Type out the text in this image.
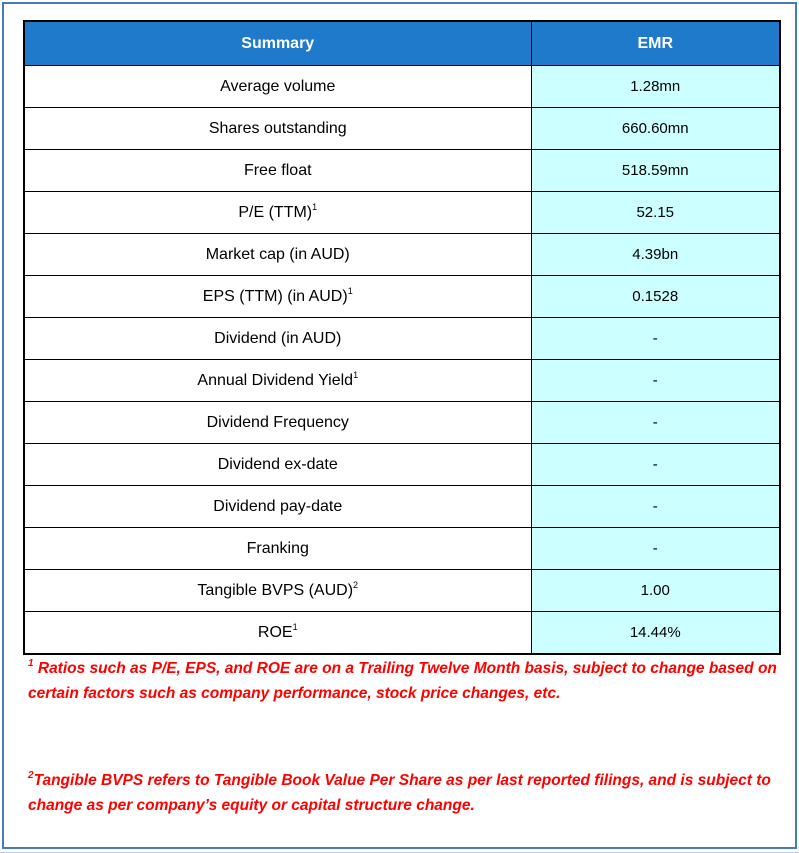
Summary	EMR
Average volume	1.28mn
Shares outstanding	660.60mn
Free float	518.59mn
P/E (TTM)$^1$	52.15
Market cap (in AUD)	4.39bn
EPS (TTM) (in AUD)$^1$	0.1528
Dividend (in AUD)	-
Annual Dividend Yield$^1$	-
Dividend Frequency	-
Dividend ex-date	-
Dividend pay-date	-
Franking	-
Tangible BVPS (AUD)$^2$	1.00
ROE$^1$	14.44%
$^1$ Ratios such as P/E, EPS, and ROE are on a Trailing Twelve Month basis, subject to change based on certain factors such as company performance, stock price changes, etc.
$^2$Tangible BVPS refers to Tangible Book Value Per Share as per last reported filings, and is subject to change as per company’s equity or capital structure change.
